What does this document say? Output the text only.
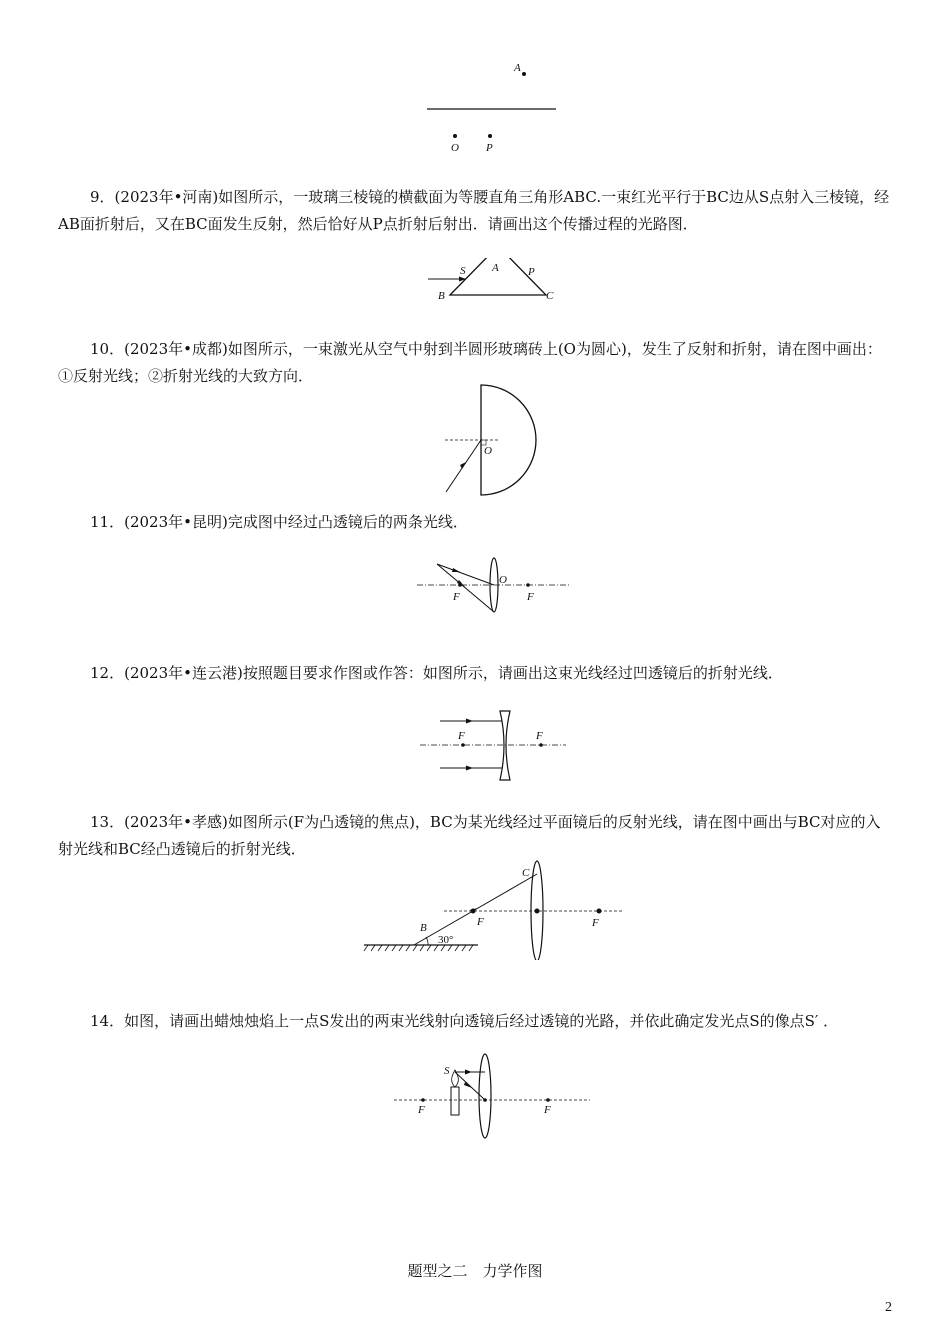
A
O P
9．(2023年•河南)如图所示，一玻璃三棱镜的横截面为等腰直角三角形ABC.一束红光平行于BC边从S点射入三棱镜，经AB面折射后，又在BC面发生反射，然后恰好从P点折射后射出．请画出这个传播过程的光路图．
S	P
B	C
A
10．(2023年•成都)如图所示，一束激光从空气中射到半圆形玻璃砖上(O为圆心)，发生了反射和折射，请在图中画出：①反射光线；②折射光线的大致方向．
O
11．(2023年•昆明)完成图中经过凸透镜后的两条光线．
F
O
F
12．(2023年•连云港)按照题目要求作图或作答：如图所示，请画出这束光线经过凹透镜后的折射光线．
F	F
13．(2023年•孝感)如图所示(F为凸透镜的焦点)，BC为某光线经过平面镜后的反射光线，请在图中画出与BC对应的入射光线和BC经凸透镜后的折射光线．
B
C
F	F
30°
14．如图，请画出蜡烛烛焰上一点S发出的两束光线射向透镜后经过透镜的光路，并依此确定发光点S的像点S′ ．
S
F	F
题型之二　力学作图
2
